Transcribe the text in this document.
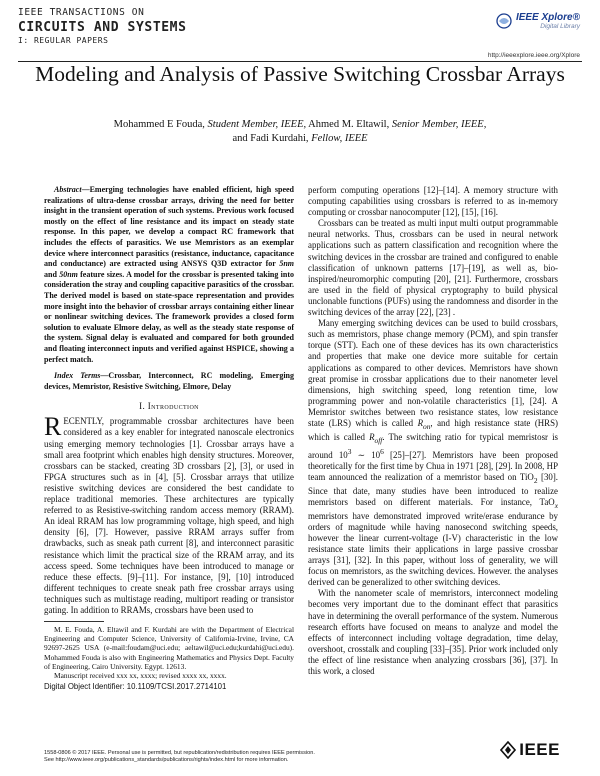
IEEE TRANSACTIONS ON
CIRCUITS AND SYSTEMS
I: REGULAR PAPERS
IEEE Xplore®
Digital Library
http://ieeexplore.ieee.org/Xplore
Modeling and Analysis of Passive Switching Crossbar Arrays
Mohammed E Fouda, Student Member, IEEE, Ahmed M. Eltawil, Senior Member, IEEE,
and Fadi Kurdahi, Fellow, IEEE

Abstract—Emerging technologies have enabled efficient, high speed realizations of ultra-dense crossbar arrays, driving the need for better insight in the transient operation of such systems. Previous work focused mostly on the effect of line resistance and its impact on steady state response. In this paper, we develop a compact RC framework that includes the effects of parasitics. We use Memristors as an exemplar device where interconnect parasitics (resistance, inductance, capacitance and conductance) are extracted using ANSYS Q3D extractor for 5nm and 50nm feature sizes. A model for the crossbar is presented taking into consideration the stray and coupling capacitive parasitics of the crossbar. The derived model is based on state-space representation and provides more insight into the behavior of crossbar arrays containing either linear or nonlinear switching devices. The framework provides a closed form solution to evaluate Elmore delay, as well as the steady state response of the system. Signal delay is evaluated and compared for both grounded and floating interconnect inputs and verified against HSPICE, showing a perfect match.

Index Terms—Crossbar, Interconnect, RC modeling, Emerging devices, Memristor, Resistive Switching, Elmore, Delay

I. Introduction

RECENTLY, programmable crossbar architectures have been considered as a key enabler for integrated nanoscale electronics using emerging memory technologies [1]. Crossbar arrays have a small area footprint which enables high density structures. Moreover, crossbars can be stacked, creating 3D crossbars [2], [3], or used in FPGA structures such as in [4], [5]. Crossbar arrays that utilize resistive switching devices are considered the best candidate to replace traditional memories. These architectures are typically referred to as Resistive-switching random access memory (RRAM). An ideal RRAM has low programming voltage, high speed, and high density [6], [7]. However, passive RRAM arrays suffer from drawbacks, such as sneak path current [8], and interconnect parasitic resistance which limit the practical size of the RRAM array, and its access speed. Some techniques have been introduced to manage or reduce these effects. [9]–[11]. For instance, [9], [10] introduced different techniques to create sneak path free crossbar arrays using techniques such as multistage reading, multiport reading or transistor gating. In addition to RRAMs, crossbars have been used to

M. E. Fouda, A. Eltawil and F. Kurdahi are with the Department of Electrical Engineering and Computer Science, University of California-Irvine, Irvine, CA 92697-2625 USA (e-mail:foudam@uci.edu; aeltawil@uci.edu;kurdahi@uci.edu). Mohammed Fouda is also with Engineering Mathematics and Physics Dept. Faculty of Engineering, Cairo University. Egypt. 12613.

Manuscript received xxx xx, xxxx; revised xxxx xx, xxxx.

Digital Object Identifier: 10.1109/TCSI.2017.2714101

perform computing operations [12]–[14]. A memory structure with computing capabilities using crossbars is referred to as in-memory computing or crossbar nanocomputer [12], [15], [16].

Crossbars can be treated as multi input multi output programmable neural networks. Thus, crossbars can be used in neural network applications such as pattern classification and recognition where the switching devices in the crossbar are trained and configured to enable classification of unknown patterns [17]–[19], as well as, bio-inspired/neuromorphic computing [20], [21]. Furthermore, crossbars are used in the field of physical cryptography to build physical unclonable functions (PUFs) using the randomness and disorder in the switching devices of the array [22], [23] .

Many emerging switching devices can be used to build crossbars, such as memristors, phase change memory (PCM), and spin transfer torque (STT). Each one of these devices has its own characteristics and properties that make one device more suitable for certain applications as compared to other devices. Memristors have shown great promise in crossbar applications due to their nanometer level dimensions, high switching speed, long retention time, low programming power and non-volatile characteristics [1], [24]. A Memristor switches between two resistance states, low resistance state (LRS) which is called $R_{on}$, and high resistance state (HRS) which is called $R_{off}$. The switching ratio for typical memristosr is around $10^3$ ∼ $10^6$ [25]–[27]. Memristors have been proposed theoretically for the first time by Chua in 1971 [28], [29]. In 2008, HP team announced the realization of a memristor based on TiO$_2$ [30]. Since that date, many studies have been introduced to realize memristors based on different materials. For instance, TaO$_x$ memristors have demonstrated improved write/erase endurance by orders of magnitude while having nanosecond switching speeds, however the linear current-voltage (I-V) characteristic in the low resistance state limits their applications in large passive crossbar arrays [31], [32]. In this paper, without loss of generality, we will focus on memristors, as the switching devices. However. the analyses derived can be generalized to other switching devices.

With the nanometer scale of memristors, interconnect modeling becomes very important due to the dominant effect that parasitics have in determining the overall performance of the system. Numerous research efforts have focused on means to analyze and model the effects of interconnect including voltage degradation, time delay, overshoot, crosstalk and coupling [33]–[35]. Prior work included only the effect of line resistance when analyzing crossbars [36], [37]. In this work, a closed

1558-0806 © 2017 IEEE. Personal use is permitted, but republication/redistribution requires IEEE permission.
See http://www.ieee.org/publications_standards/publications/rights/index.html for more information.
IEEE
